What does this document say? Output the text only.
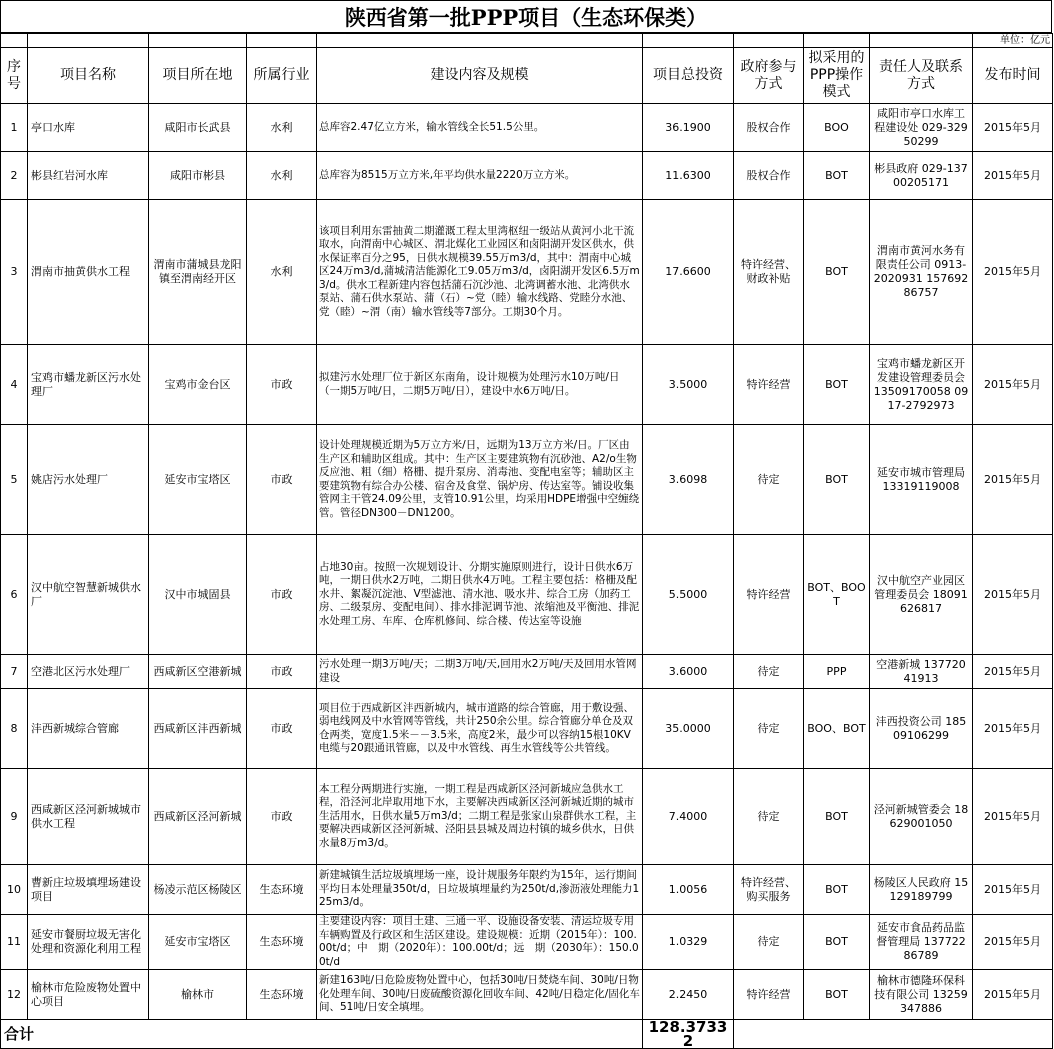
陕西省第一批PPP项目（生态环保类）
									单位：亿元
序号	项目名称	项目所在地	所属行业	建设内容及规模	项目总投资	政府参与方式	拟采用的PPP操作模式	责任人及联系方式	发布时间
1	亭口水库	咸阳市长武县	水利	总库容2.47亿立方米，输水管线全长51.5公里。	36.1900	股权合作	BOO	咸阳市亭口水库工程建设处 029-32950299	2015年5月
2	彬县红岩河水库	咸阳市彬县	水利	总库容为8515万立方米,年平均供水量2220万立方米。	11.6300	股权合作	BOT	彬县政府 029-13700205171	2015年5月
3	渭南市抽黄供水工程	渭南市蒲城县龙阳镇至渭南经开区	水利	该项目利用东雷抽黄二期灌溉工程太里湾枢纽一级站从黄河小北干流取水，向渭南中心城区、渭北煤化工业园区和卤阳湖开发区供水，供水保证率百分之95，日供水规模39.55万m3/d，其中：渭南中心城区24万m3/d,蒲城清洁能源化工9.05万m3/d，卤阳湖开发区6.5万m3/d。供水工程新建内容包括蒲石沉沙池、北湾调蓄水池、北湾供水泵站、蒲石供水泵站、蒲（石）~党（睦）输水线路、党睦分水池、党（睦）~渭（南）输水管线等7部分。工期30个月。	17.6600	特许经营、财政补贴	BOT	渭南市黄河水务有限责任公司 0913-2020931 15769286757	2015年5月
4	宝鸡市蟠龙新区污水处理厂	宝鸡市金台区	市政	拟建污水处理厂位于新区东南角，设计规模为处理污水10万吨/日（一期5万吨/日，二期5万吨/日），建设中水6万吨/日。	3.5000	特许经营	BOT	宝鸡市蟠龙新区开发建设管理委员会 13509170058 0917-2792973	2015年5月
5	姚店污水处理厂	延安市宝塔区	市政	设计处理规模近期为5万立方米/日，远期为13万立方米/日。厂区由生产区和辅助区组成。其中：生产区主要建筑物有沉砂池、A2/o生物反应池、粗（细）格栅、提升泵房、消毒池、变配电室等；辅助区主要建筑物有综合办公楼、宿舍及食堂、锅炉房、传达室等。铺设收集管网主干管24.09公里，支管10.91公里，均采用HDPE增强中空缠绕管。管径DN300－DN1200。	3.6098	待定	BOT	延安市城市管理局 13319119008	2015年5月
6	汉中航空智慧新城供水厂	汉中市城固县	市政	占地30亩。按照一次规划设计、分期实施原则进行，设计日供水6万吨，一期日供水2万吨，二期日供水4万吨。工程主要包括：格栅及配水井、絮凝沉淀池、V型滤池、清水池、吸水井、综合工房（加药工房、二级泵房、变配电间）、排水排泥调节池、浓缩池及平衡池、排泥水处理工房、车库、仓库机修间、综合楼、传达室等设施	5.5000	特许经营	BOT、BOOT	汉中航空产业园区管理委员会 18091626817	2015年5月
7	空港北区污水处理厂	西咸新区空港新城	市政	污水处理一期3万吨/天；二期3万吨/天,回用水2万吨/天及回用水管网建设	3.6000	待定	PPP	空港新城 13772041913	2015年5月
8	沣西新城综合管廊	西咸新区沣西新城	市政	项目位于西咸新区沣西新城内，城市道路的综合管廊，用于敷设强、弱电线网及中水管网等管线，共计250余公里。综合管廊分单仓及双仓两类，宽度1.5米－－3.5米，高度2米，最少可以容纳15根10KV电缆与20跟通讯管廊，以及中水管线、再生水管线等公共管线。	35.0000	待定	BOO、BOT	沣西投资公司 18509106299	2015年5月
9	西咸新区泾河新城城市供水工程	西咸新区泾河新城	市政	本工程分两期进行实施，一期工程是西咸新区泾河新城应急供水工程，沿泾河北岸取用地下水，主要解决西咸新区泾河新城近期的城市生活用水，日供水量5万m3/d；二期工程是张家山泉群供水工程，主要解决西咸新区泾河新城、泾阳县县城及周边村镇的城乡供水，日供水量8万m3/d。	7.4000	待定	BOT	泾河新城管委会 18629001050	2015年5月
10	曹新庄垃圾填埋场建设项目	杨凌示范区杨陵区	生态环境	新建城镇生活垃圾填埋场一座，设计规服务年限约为15年，运行期间平均日本处理量350t/d，日垃圾填埋量约为250t/d,渗沥液处理能力125m3/d。	1.0056	特许经营、购买服务	BOT	杨陵区人民政府 15129189799	2015年5月
11	延安市餐厨垃圾无害化处理和资源化利用工程	延安市宝塔区	生态环境	主要建设内容：项目土建、三通一平、设施设备安装、清运垃圾专用车辆购置及行政区和生活区建设。建设规模：近期（2015年）：100.00t/d；中　期（2020年）：100.00t/d；远　期（2030年）：150.00t/d	1.0329	待定	BOT	延安市食品药品监督管理局 13772286789	2015年5月
12	榆林市危险废物处置中心项目	榆林市	生态环境	新建163吨/日危险废物处置中心，包括30吨/日焚烧车间、30吨/日物化处理车间、30吨/日废硫酸资源化回收车间、42吨/日稳定化/固化车间、51吨/日安全填埋。	2.2450	特许经营	BOT	榆林市德隆环保科技有限公司 13259347886	2015年5月
合计					128.37332				
